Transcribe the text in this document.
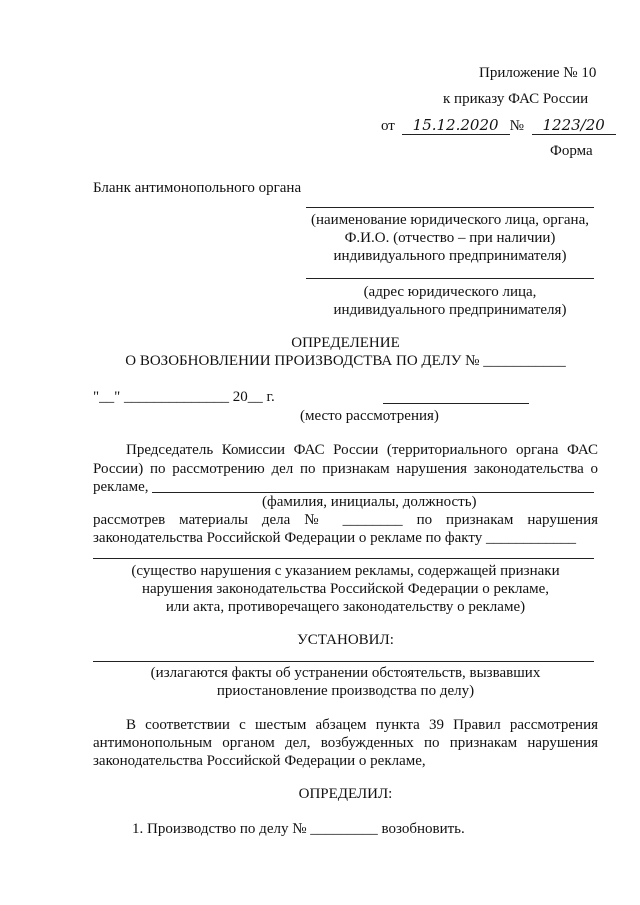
Приложение № 10
к приказу ФАС России
от 15.12.2020 № 1223/20
Форма
Бланк антимонопольного органа
(наименование юридического лица, органа,
Ф.И.О. (отчество – при наличии)
индивидуального предпринимателя)
(адрес юридического лица,
индивидуального предпринимателя)
ОПРЕДЕЛЕНИЕ
О ВОЗОБНОВЛЕНИИ ПРОИЗВОДСТВА ПО ДЕЛУ № ___________
"__" ______________ 20__ г.
(место рассмотрения)
Председатель Комиссии ФАС России (территориального органа ФАС
России) по рассмотрению дел по признакам нарушения законодательства о
рекламе,
(фамилия, инициалы, должность)
рассмотрев материалы дела № ________ по признакам нарушения
законодательства Российской Федерации о рекламе по факту ____________
(существо нарушения с указанием рекламы, содержащей признаки
нарушения законодательства Российской Федерации о рекламе,
или акта, противоречащего законодательству о рекламе)
УСТАНОВИЛ:
(излагаются факты об устранении обстоятельств, вызвавших
приостановление производства по делу)
В соответствии с шестым абзацем пункта 39 Правил рассмотрения
антимонопольным органом дел, возбужденных по признакам нарушения
законодательства Российской Федерации о рекламе,
ОПРЕДЕЛИЛ:
1. Производство по делу № _________ возобновить.
